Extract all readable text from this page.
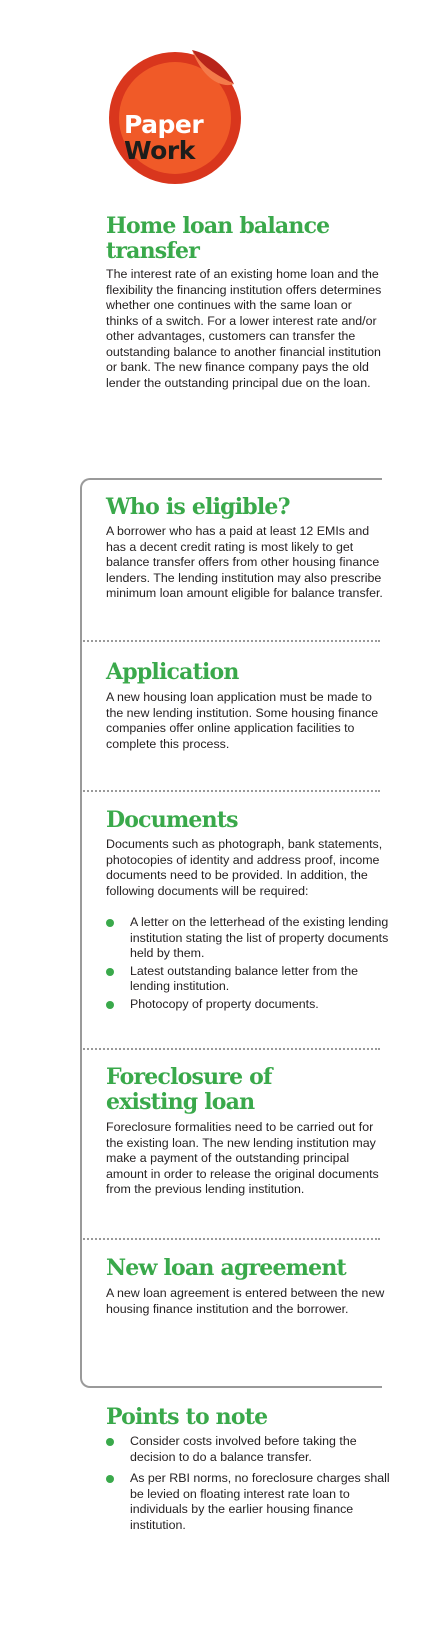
Paper
Work
Home loan balance transfer

The interest rate of an existing home loan and the flexibility the financing institution offers determines whether one continues with the same loan or thinks of a switch. For a lower interest rate and/or other advantages, customers can transfer the outstanding balance to another financial institution or bank. The new finance company pays the old lender the outstanding principal due on the loan.

Who is eligible?

A borrower who has a paid at least 12 EMIs and has a decent credit rating is most likely to get balance transfer offers from other housing finance lenders. The lending institution may also prescribe minimum loan amount eligible for balance transfer.

Application

A new housing loan application must be made to the new lending institution. Some housing finance companies offer online application facilities to complete this process.

Documents

Documents such as photograph, bank statements, photocopies of identity and address proof, income documents need to be provided. In addition, the following documents will be required:

A letter on the letterhead of the existing lending institution stating the list of property documents held by them.
Latest outstanding balance letter from the lending institution.
Photocopy of property documents.
Foreclosure of existing loan

Foreclosure formalities need to be carried out for the existing loan. The new lending institution may make a payment of the outstanding principal amount in order to release the original documents from the previous lending institution.

New loan agreement

A new loan agreement is entered between the new housing finance institution and the borrower.

Points to note
Consider costs involved before taking the decision to do a balance transfer.
As per RBI norms, no foreclosure charges shall be levied on floating interest rate loan to individuals by the earlier housing finance institution.
